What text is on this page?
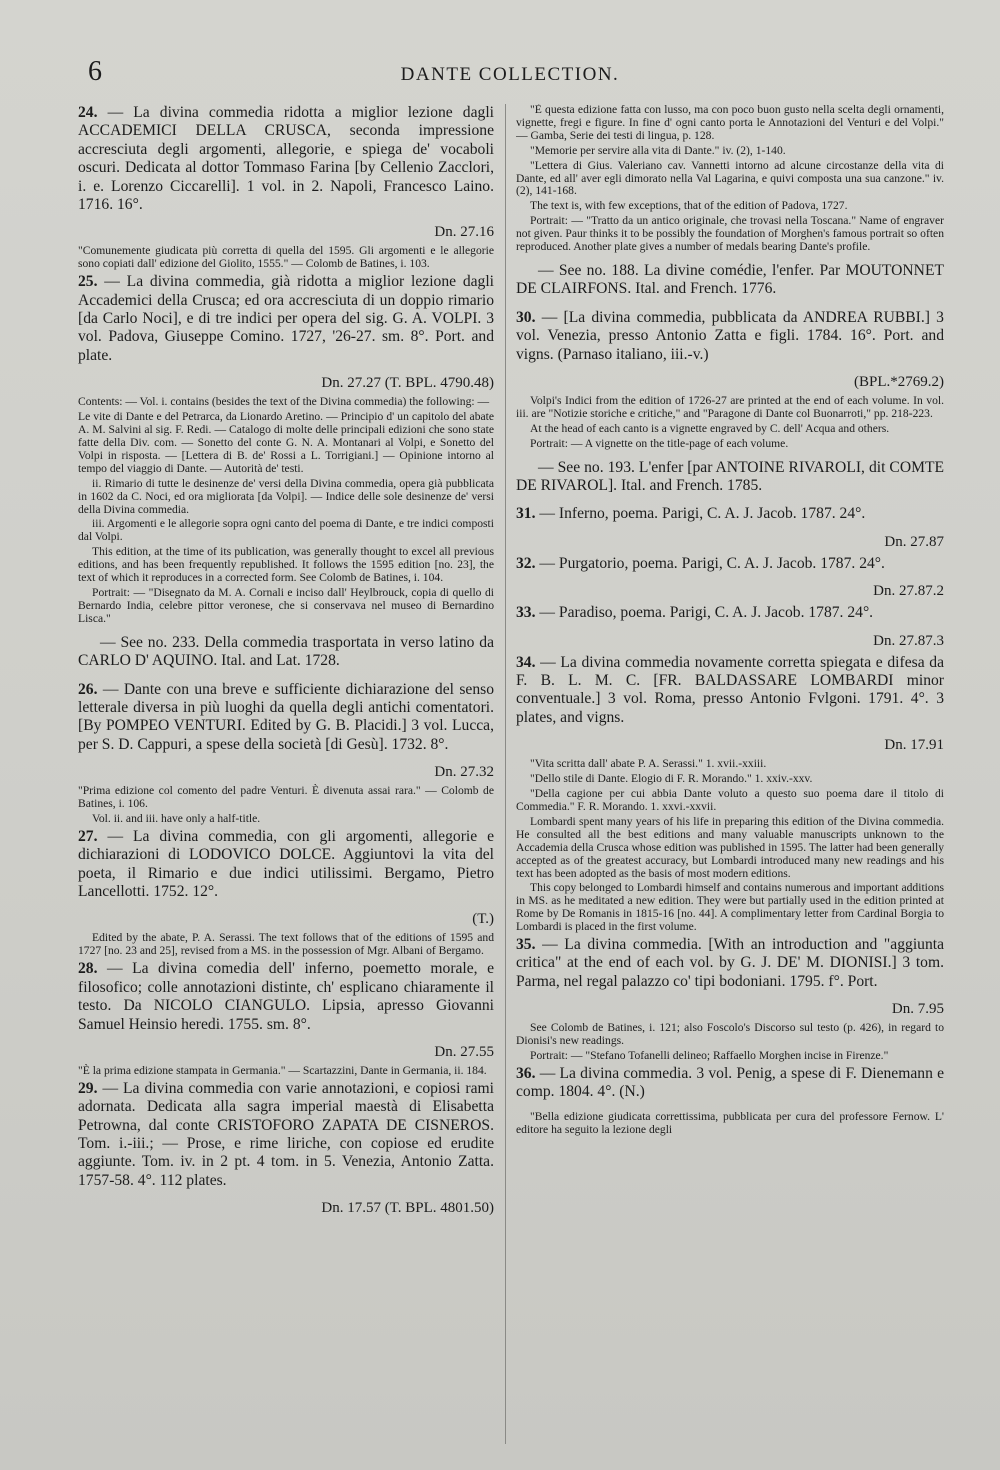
6	DANTE COLLECTION.

24. — La divina commedia ridotta a miglior lezione dagli ACCADEMICI DELLA CRUSCA, seconda impressione accresciuta degli argomenti, allegorie, e spiega de' vocaboli oscuri. Dedicata al dottor Tommaso Farina [by Cellenio Zacclori, i. e. Lorenzo Ciccarelli]. 1 vol. in 2. Napoli, Francesco Laino. 1716. 16°.

Dn. 27.16

"Comunemente giudicata più corretta di quella del 1595. Gli argomenti e le allegorie sono copiati dall' edizione del Giolito, 1555." — Colomb de Batines, i. 103.

25. — La divina commedia, già ridotta a miglior lezione dagli Accademici della Crusca; ed ora accresciuta di un doppio rimario [da Carlo Noci], e di tre indici per opera del sig. G. A. VOLPI. 3 vol. Padova, Giuseppe Comino. 1727, '26-27. sm. 8°. Port. and plate.

Dn. 27.27 (T. BPL. 4790.48)

Contents: — Vol. i. contains (besides the text of the Divina commedia) the following: —

Le vite di Dante e del Petrarca, da Lionardo Aretino. — Principio d' un capitolo del abate A. M. Salvini al sig. F. Redi. — Catalogo di molte delle principali edizioni che sono state fatte della Div. com. — Sonetto del conte G. N. A. Montanari al Volpi, e Sonetto del Volpi in risposta. — [Lettera di B. de' Rossi a L. Torrigiani.] — Opinione intorno al tempo del viaggio di Dante. — Autorità de' testi.

ii. Rimario di tutte le desinenze de' versi della Divina commedia, opera già pubblicata in 1602 da C. Noci, ed ora migliorata [da Volpi]. — Indice delle sole desinenze de' versi della Divina commedia.

iii. Argomenti e le allegorie sopra ogni canto del poema di Dante, e tre indici composti dal Volpi.

This edition, at the time of its publication, was generally thought to excel all previous editions, and has been frequently republished. It follows the 1595 edition [no. 23], the text of which it reproduces in a corrected form. See Colomb de Batines, i. 104.

Portrait: — "Disegnato da M. A. Cornali e inciso dall' Heylbrouck, copia di quello di Bernardo India, celebre pittor veronese, che si conservava nel museo di Bernardino Lisca."

— See no. 233. Della commedia trasportata in verso latino da CARLO D' AQUINO. Ital. and Lat. 1728.

26. — Dante con una breve e sufficiente dichiarazione del senso letterale diversa in più luoghi da quella degli antichi comentatori. [By POMPEO VENTURI. Edited by G. B. Placidi.] 3 vol. Lucca, per S. D. Cappuri, a spese della società [di Gesù]. 1732. 8°.

Dn. 27.32

"Prima edizione col comento del padre Venturi. È divenuta assai rara." — Colomb de Batines, i. 106.

Vol. ii. and iii. have only a half-title.

27. — La divina commedia, con gli argomenti, allegorie e dichiarazioni di LODOVICO DOLCE. Aggiuntovi la vita del poeta, il Rimario e due indici utilissimi. Bergamo, Pietro Lancellotti. 1752. 12°.

(T.)

Edited by the abate, P. A. Serassi. The text follows that of the editions of 1595 and 1727 [no. 23 and 25], revised from a MS. in the possession of Mgr. Albani of Bergamo.

28. — La divina comedia dell' inferno, poemetto morale, e filosofico; colle annotazioni distinte, ch' esplicano chiaramente il testo. Da NICOLO CIANGULO. Lipsia, apresso Giovanni Samuel Heinsio heredi. 1755. sm. 8°.

Dn. 27.55

"È la prima edizione stampata in Germania." — Scartazzini, Dante in Germania, ii. 184.

29. — La divina commedia con varie annotazioni, e copiosi rami adornata. Dedicata alla sagra imperial maestà di Elisabetta Petrowna, dal conte CRISTOFORO ZAPATA DE CISNEROS. Tom. i.-iii.; — Prose, e rime liriche, con copiose ed erudite aggiunte. Tom. iv. in 2 pt. 4 tom. in 5. Venezia, Antonio Zatta. 1757-58. 4°. 112 plates.

Dn. 17.57 (T. BPL. 4801.50)

"È questa edizione fatta con lusso, ma con poco buon gusto nella scelta degli ornamenti, vignette, fregi e figure. In fine d' ogni canto porta le Annotazioni del Venturi e del Volpi." — Gamba, Serie dei testi di lingua, p. 128.

"Memorie per servire alla vita di Dante." iv. (2), 1-140.

"Lettera di Gius. Valeriano cav. Vannetti intorno ad alcune circostanze della vita di Dante, ed all' aver egli dimorato nella Val Lagarina, e quivi composta una sua canzone." iv. (2), 141-168.

The text is, with few exceptions, that of the edition of Padova, 1727.

Portrait: — "Tratto da un antico originale, che trovasi nella Toscana." Name of engraver not given. Paur thinks it to be possibly the foundation of Morghen's famous portrait so often reproduced. Another plate gives a number of medals bearing Dante's profile.

— See no. 188. La divine comédie, l'enfer. Par MOUTONNET DE CLAIRFONS. Ital. and French. 1776.

30. — [La divina commedia, pubblicata da ANDREA RUBBI.] 3 vol. Venezia, presso Antonio Zatta e figli. 1784. 16°. Port. and vigns. (Parnaso italiano, iii.-v.)

(BPL.*2769.2)

Volpi's Indici from the edition of 1726-27 are printed at the end of each volume. In vol. iii. are "Notizie storiche e critiche," and "Paragone di Dante col Buonarroti," pp. 218-223.

At the head of each canto is a vignette engraved by C. dell' Acqua and others.

Portrait: — A vignette on the title-page of each volume.

— See no. 193. L'enfer [par ANTOINE RIVAROLI, dit COMTE DE RIVAROL]. Ital. and French. 1785.

31. — Inferno, poema. Parigi, C. A. J. Jacob. 1787. 24°.

Dn. 27.87

32. — Purgatorio, poema. Parigi, C. A. J. Jacob. 1787. 24°.

Dn. 27.87.2

33. — Paradiso, poema. Parigi, C. A. J. Jacob. 1787. 24°.

Dn. 27.87.3

34. — La divina commedia novamente corretta spiegata e difesa da F. B. L. M. C. [FR. BALDASSARE LOMBARDI minor conventuale.] 3 vol. Roma, presso Antonio Fvlgoni. 1791. 4°. 3 plates, and vigns.

Dn. 17.91

"Vita scritta dall' abate P. A. Serassi." 1. xvii.-xxiii.

"Dello stile di Dante. Elogio di F. R. Morando." 1. xxiv.-xxv.

"Della cagione per cui abbia Dante voluto a questo suo poema dare il titolo di Commedia." F. R. Morando. 1. xxvi.-xxvii.

Lombardi spent many years of his life in preparing this edition of the Divina commedia. He consulted all the best editions and many valuable manuscripts unknown to the Accademia della Crusca whose edition was published in 1595. The latter had been generally accepted as of the greatest accuracy, but Lombardi introduced many new readings and his text has been adopted as the basis of most modern editions.

This copy belonged to Lombardi himself and contains numerous and important additions in MS. as he meditated a new edition. They were but partially used in the edition printed at Rome by De Romanis in 1815-16 [no. 44]. A complimentary letter from Cardinal Borgia to Lombardi is placed in the first volume.

35. — La divina commedia. [With an introduction and "aggiunta critica" at the end of each vol. by G. J. DE' M. DIONISI.] 3 tom. Parma, nel regal palazzo co' tipi bodoniani. 1795. f°. Port.

Dn. 7.95

See Colomb de Batines, i. 121; also Foscolo's Discorso sul testo (p. 426), in regard to Dionisi's new readings.

Portrait: — "Stefano Tofanelli delineo; Raffaello Morghen incise in Firenze."

36. — La divina commedia. 3 vol. Penig, a spese di F. Dienemann e comp. 1804. 4°. (N.)

"Bella edizione giudicata correttissima, pubblicata per cura del professore Fernow. L' editore ha seguito la lezione degli
